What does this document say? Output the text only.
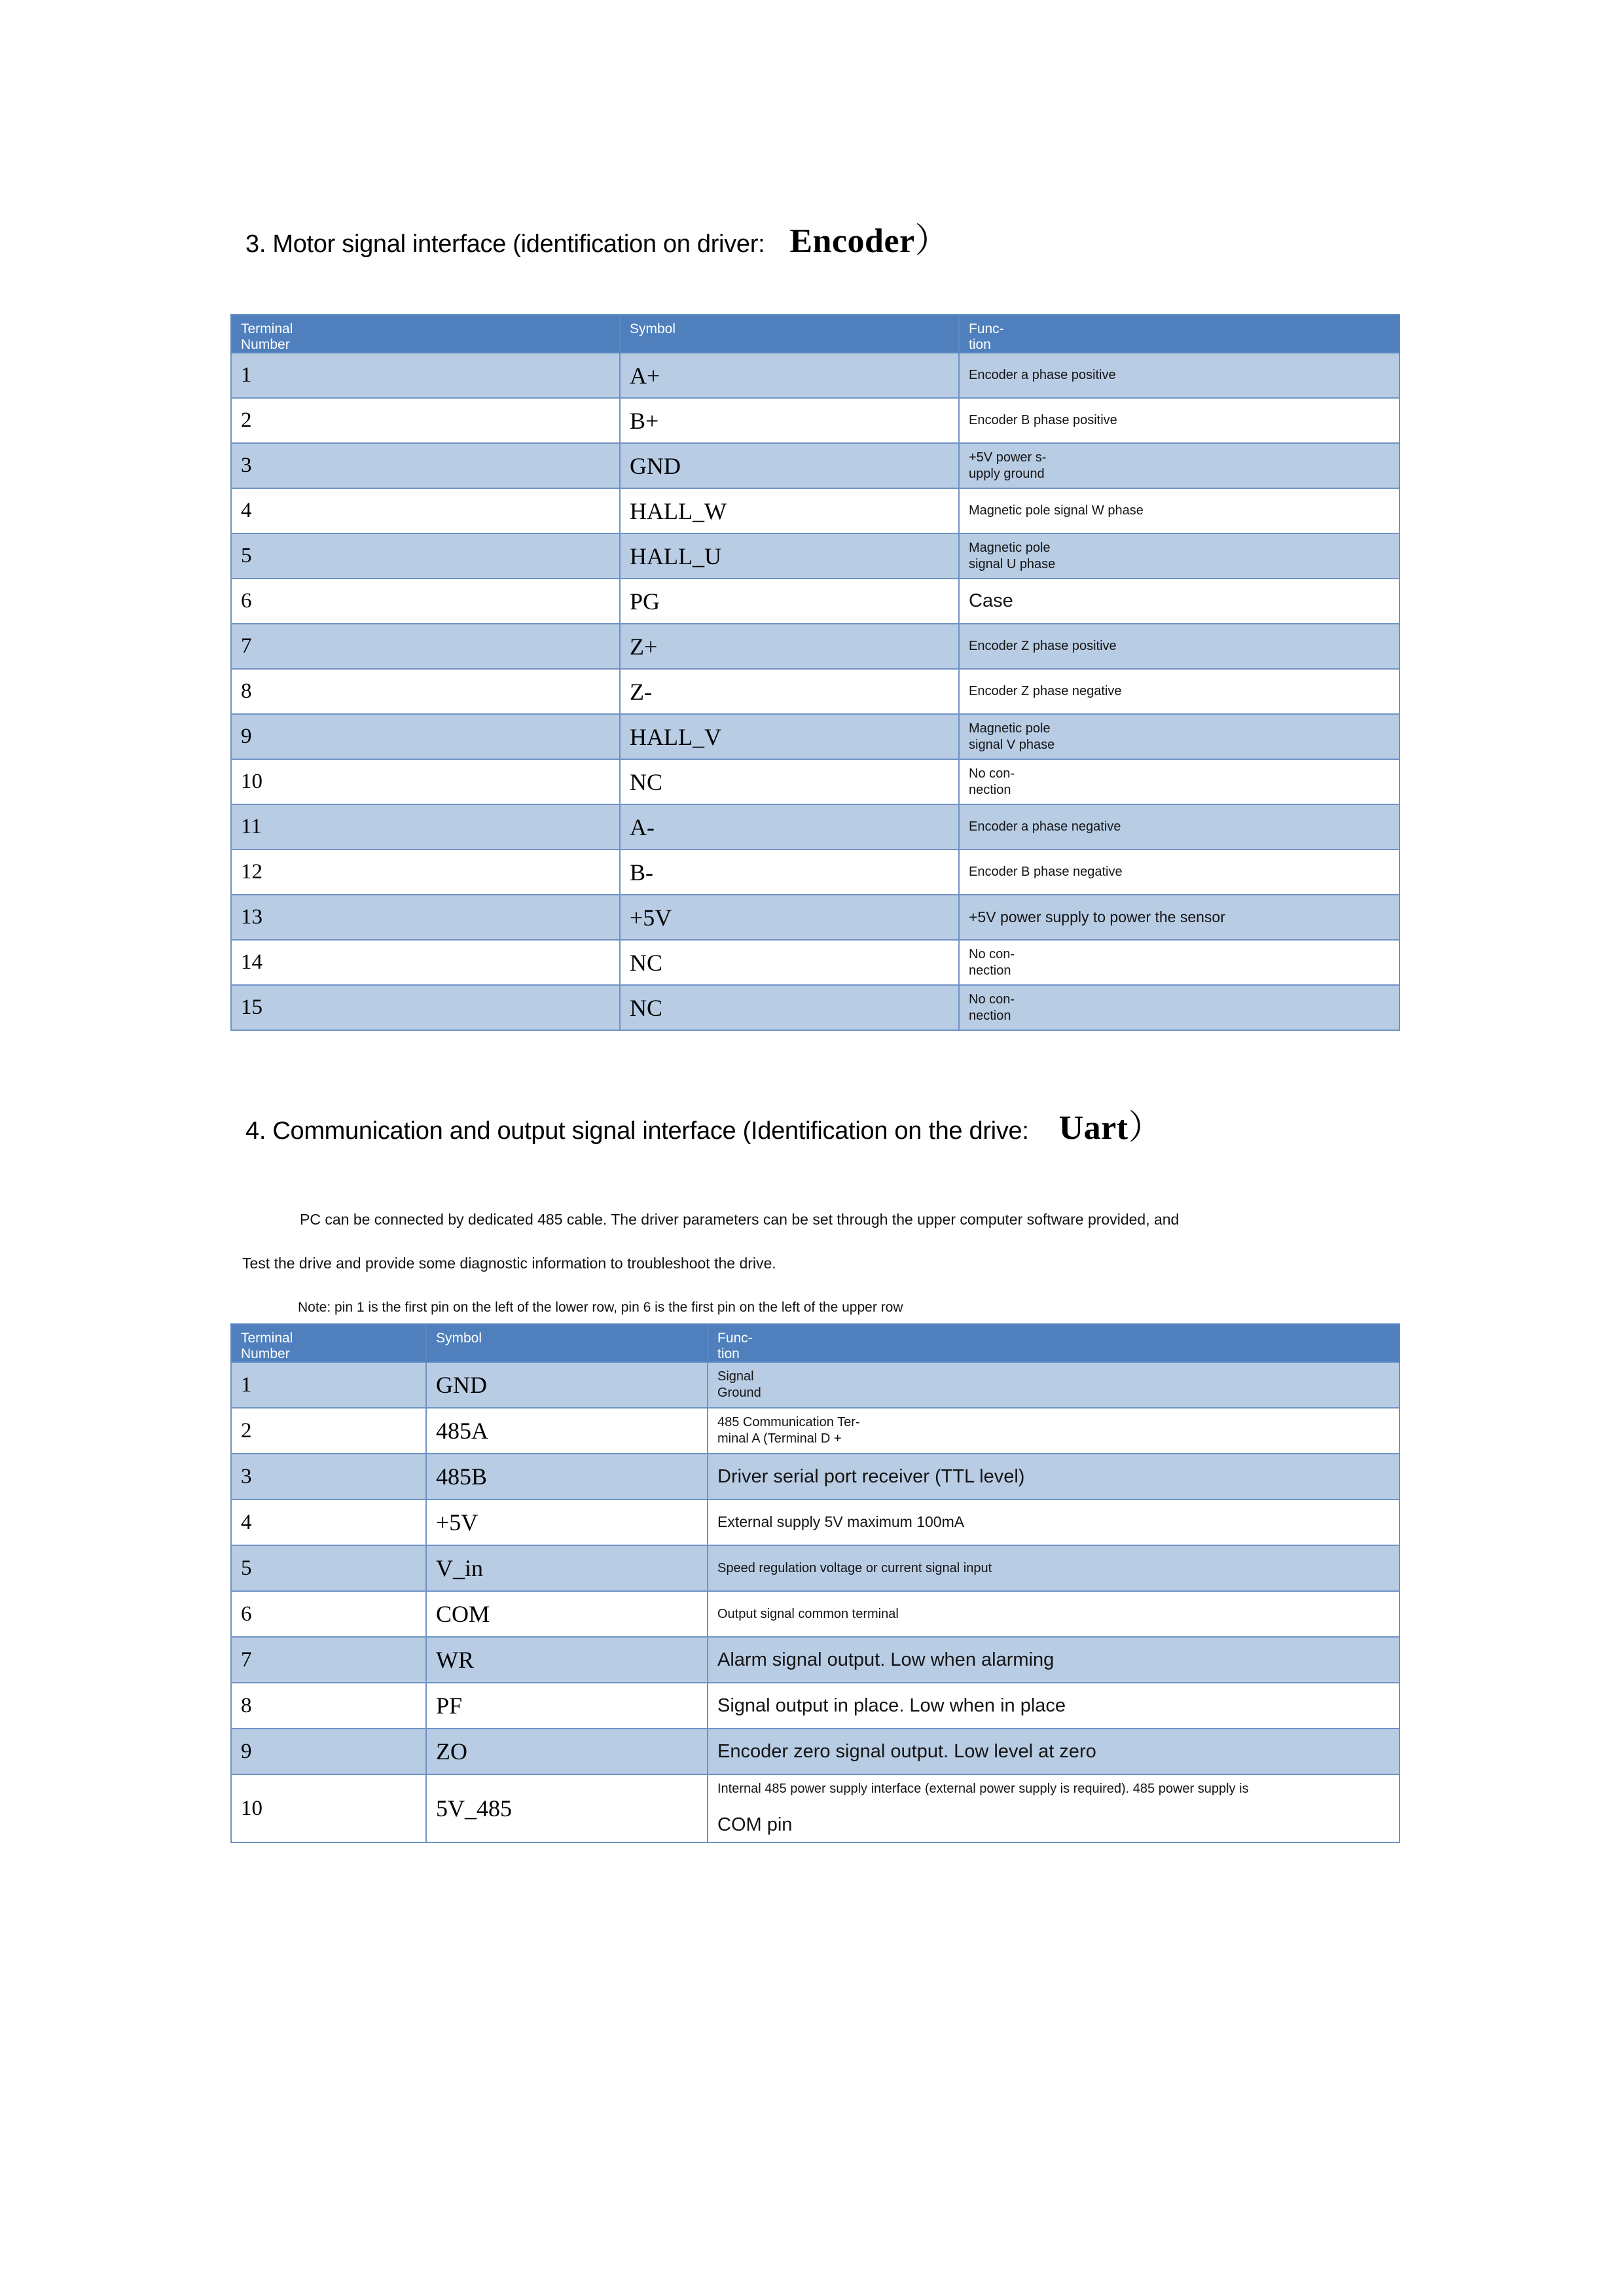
3. Motor signal interface (identification on driver: Encoder ）
Terminal
Number	Symbol	Func-
tion

1	A+	Encoder a phase positive

2	B+	Encoder B phase positive

3	GND	+5V power s-
upply ground

4	HALL_W	Magnetic pole signal W phase

5	HALL_U	Magnetic pole
signal U phase

6	PG	Case

7	Z+	Encoder Z phase positive

8	Z-	Encoder Z phase negative

9	HALL_V	Magnetic pole
signal V phase

10	NC	No con-
nection

11	A-	Encoder a phase negative

12	B-	Encoder B phase negative

13	+5V	+5V power supply to power the sensor

14	NC	No con-
nection

15	NC	No con-
nection
4. Communication and output signal interface (Identification on the drive: Uart ）
PC can be connected by dedicated 485 cable. The driver parameters can be set through the upper computer software provided, and
Test the drive and provide some diagnostic information to troubleshoot the drive.
Note: pin 1 is the first pin on the left of the lower row, pin 6 is the first pin on the left of the upper row
Terminal
Number	Symbol	Func-
tion

1	GND	Signal
Ground

2	485A	485 Communication Ter-
minal A (Terminal D +

3	485B	Driver serial port receiver (TTL level)

4	+5V	External supply 5V maximum 100mA

5	V_in	Speed regulation voltage or current signal input

6	COM	Output signal common terminal

7	WR	Alarm signal output. Low when alarming

8	PF	Signal output in place. Low when in place

9	ZO	Encoder zero signal output. Low level at zero

10	5V_485	Internal 485 power supply interface (external power supply is required). 485 power supply is

COM pin
